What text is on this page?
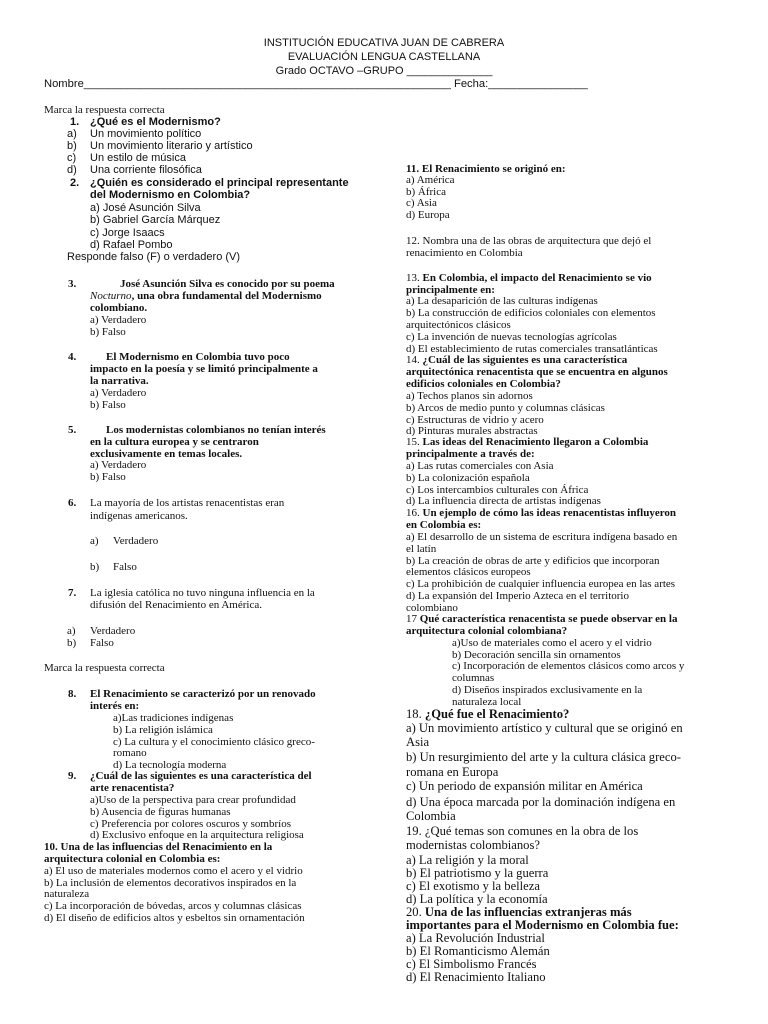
INSTITUCIÓN EDUCATIVA JUAN DE CABRERA
EVALUACIÓN LENGUA CASTELLANA
Grado OCTAVO –GRUPO ______________
Nombre___________________________________________________________ Fecha:________________
Marca la respuesta correcta
1. ¿Qué es el Modernismo?
a) Un movimiento político
b) Un movimiento literario y artístico
c) Un estilo de música
d) Una corriente filosófica
2. ¿Quién es considerado el principal representante
del Modernismo en Colombia?
a) José Asunción Silva
b) Gabriel García Márquez
c) Jorge Isaacs
d) Rafael Pombo
Responde falso (F) o verdadero (V)
3.	José Asunción Silva es conocido por su poema
Nocturno, una obra fundamental del Modernismo
colombiano.
a) Verdadero
b) Falso
4.	El Modernismo en Colombia tuvo poco
impacto en la poesía y se limitó principalmente a
la narrativa.
a) Verdadero
b) Falso
5.	Los modernistas colombianos no tenían interés
en la cultura europea y se centraron
exclusivamente en temas locales.
a) Verdadero
b) Falso
6. La mayoría de los artistas renacentistas eran
indígenas americanos.
a) Verdadero
b) Falso
7. La iglesia católica no tuvo ninguna influencia en la
difusión del Renacimiento en América.
a) Verdadero
b) Falso
Marca la respuesta correcta
8. El Renacimiento se caracterizó por un renovado
interés en:
a)Las tradiciones indígenas
b) La religión islámica
c) La cultura y el conocimiento clásico greco-
romano
d) La tecnología moderna
9. ¿Cuál de las siguientes es una característica del
arte renacentista?
a)Uso de la perspectiva para crear profundidad
b) Ausencia de figuras humanas
c) Preferencia por colores oscuros y sombríos
d) Exclusivo enfoque en la arquitectura religiosa
10. Una de las influencias del Renacimiento en la
arquitectura colonial en Colombia es:
a) El uso de materiales modernos como el acero y el vidrio
b) La inclusión de elementos decorativos inspirados en la
naturaleza
c) La incorporación de bóvedas, arcos y columnas clásicas
d) El diseño de edificios altos y esbeltos sin ornamentación
11. El Renacimiento se originó en:
a) América
b) África
c) Asia
d) Europa
12. Nombra una de las obras de arquitectura que dejó el
renacimiento en Colombia
13. En Colombia, el impacto del Renacimiento se vio
principalmente en:
a) La desaparición de las culturas indígenas
b) La construcción de edificios coloniales con elementos
arquitectónicos clásicos
c) La invención de nuevas tecnologías agrícolas
d) El establecimiento de rutas comerciales transatlánticas
14. ¿Cuál de las siguientes es una característica
arquitectónica renacentista que se encuentra en algunos
edificios coloniales en Colombia?
a) Techos planos sin adornos
b) Arcos de medio punto y columnas clásicas
c) Estructuras de vidrio y acero
d) Pinturas murales abstractas
15. Las ideas del Renacimiento llegaron a Colombia
principalmente a través de:
a) Las rutas comerciales con Asia
b) La colonización española
c) Los intercambios culturales con África
d) La influencia directa de artistas indígenas
16. Un ejemplo de cómo las ideas renacentistas influyeron
en Colombia es:
a) El desarrollo de un sistema de escritura indígena basado en
el latín
b) La creación de obras de arte y edificios que incorporan
elementos clásicos europeos
c) La prohibición de cualquier influencia europea en las artes
d) La expansión del Imperio Azteca en el territorio
colombiano
17 Qué característica renacentista se puede observar en la
arquitectura colonial colombiana?
a)Uso de materiales como el acero y el vidrio
b) Decoración sencilla sin ornamentos
c) Incorporación de elementos clásicos como arcos y
columnas
d) Diseños inspirados exclusivamente en la
naturaleza local
18. ¿Qué fue el Renacimiento?
a) Un movimiento artístico y cultural que se originó en
Asia
b) Un resurgimiento del arte y la cultura clásica greco-
romana en Europa
c) Un periodo de expansión militar en América
d) Una época marcada por la dominación indígena en
Colombia
19. ¿Qué temas son comunes en la obra de los
modernistas colombianos?
a) La religión y la moral
b) El patriotismo y la guerra
c) El exotismo y la belleza
d) La política y la economía
20. Una de las influencias extranjeras más
importantes para el Modernismo en Colombia fue:
a) La Revolución Industrial
b) El Romanticismo Alemán
c) El Simbolismo Francés
d) El Renacimiento Italiano
